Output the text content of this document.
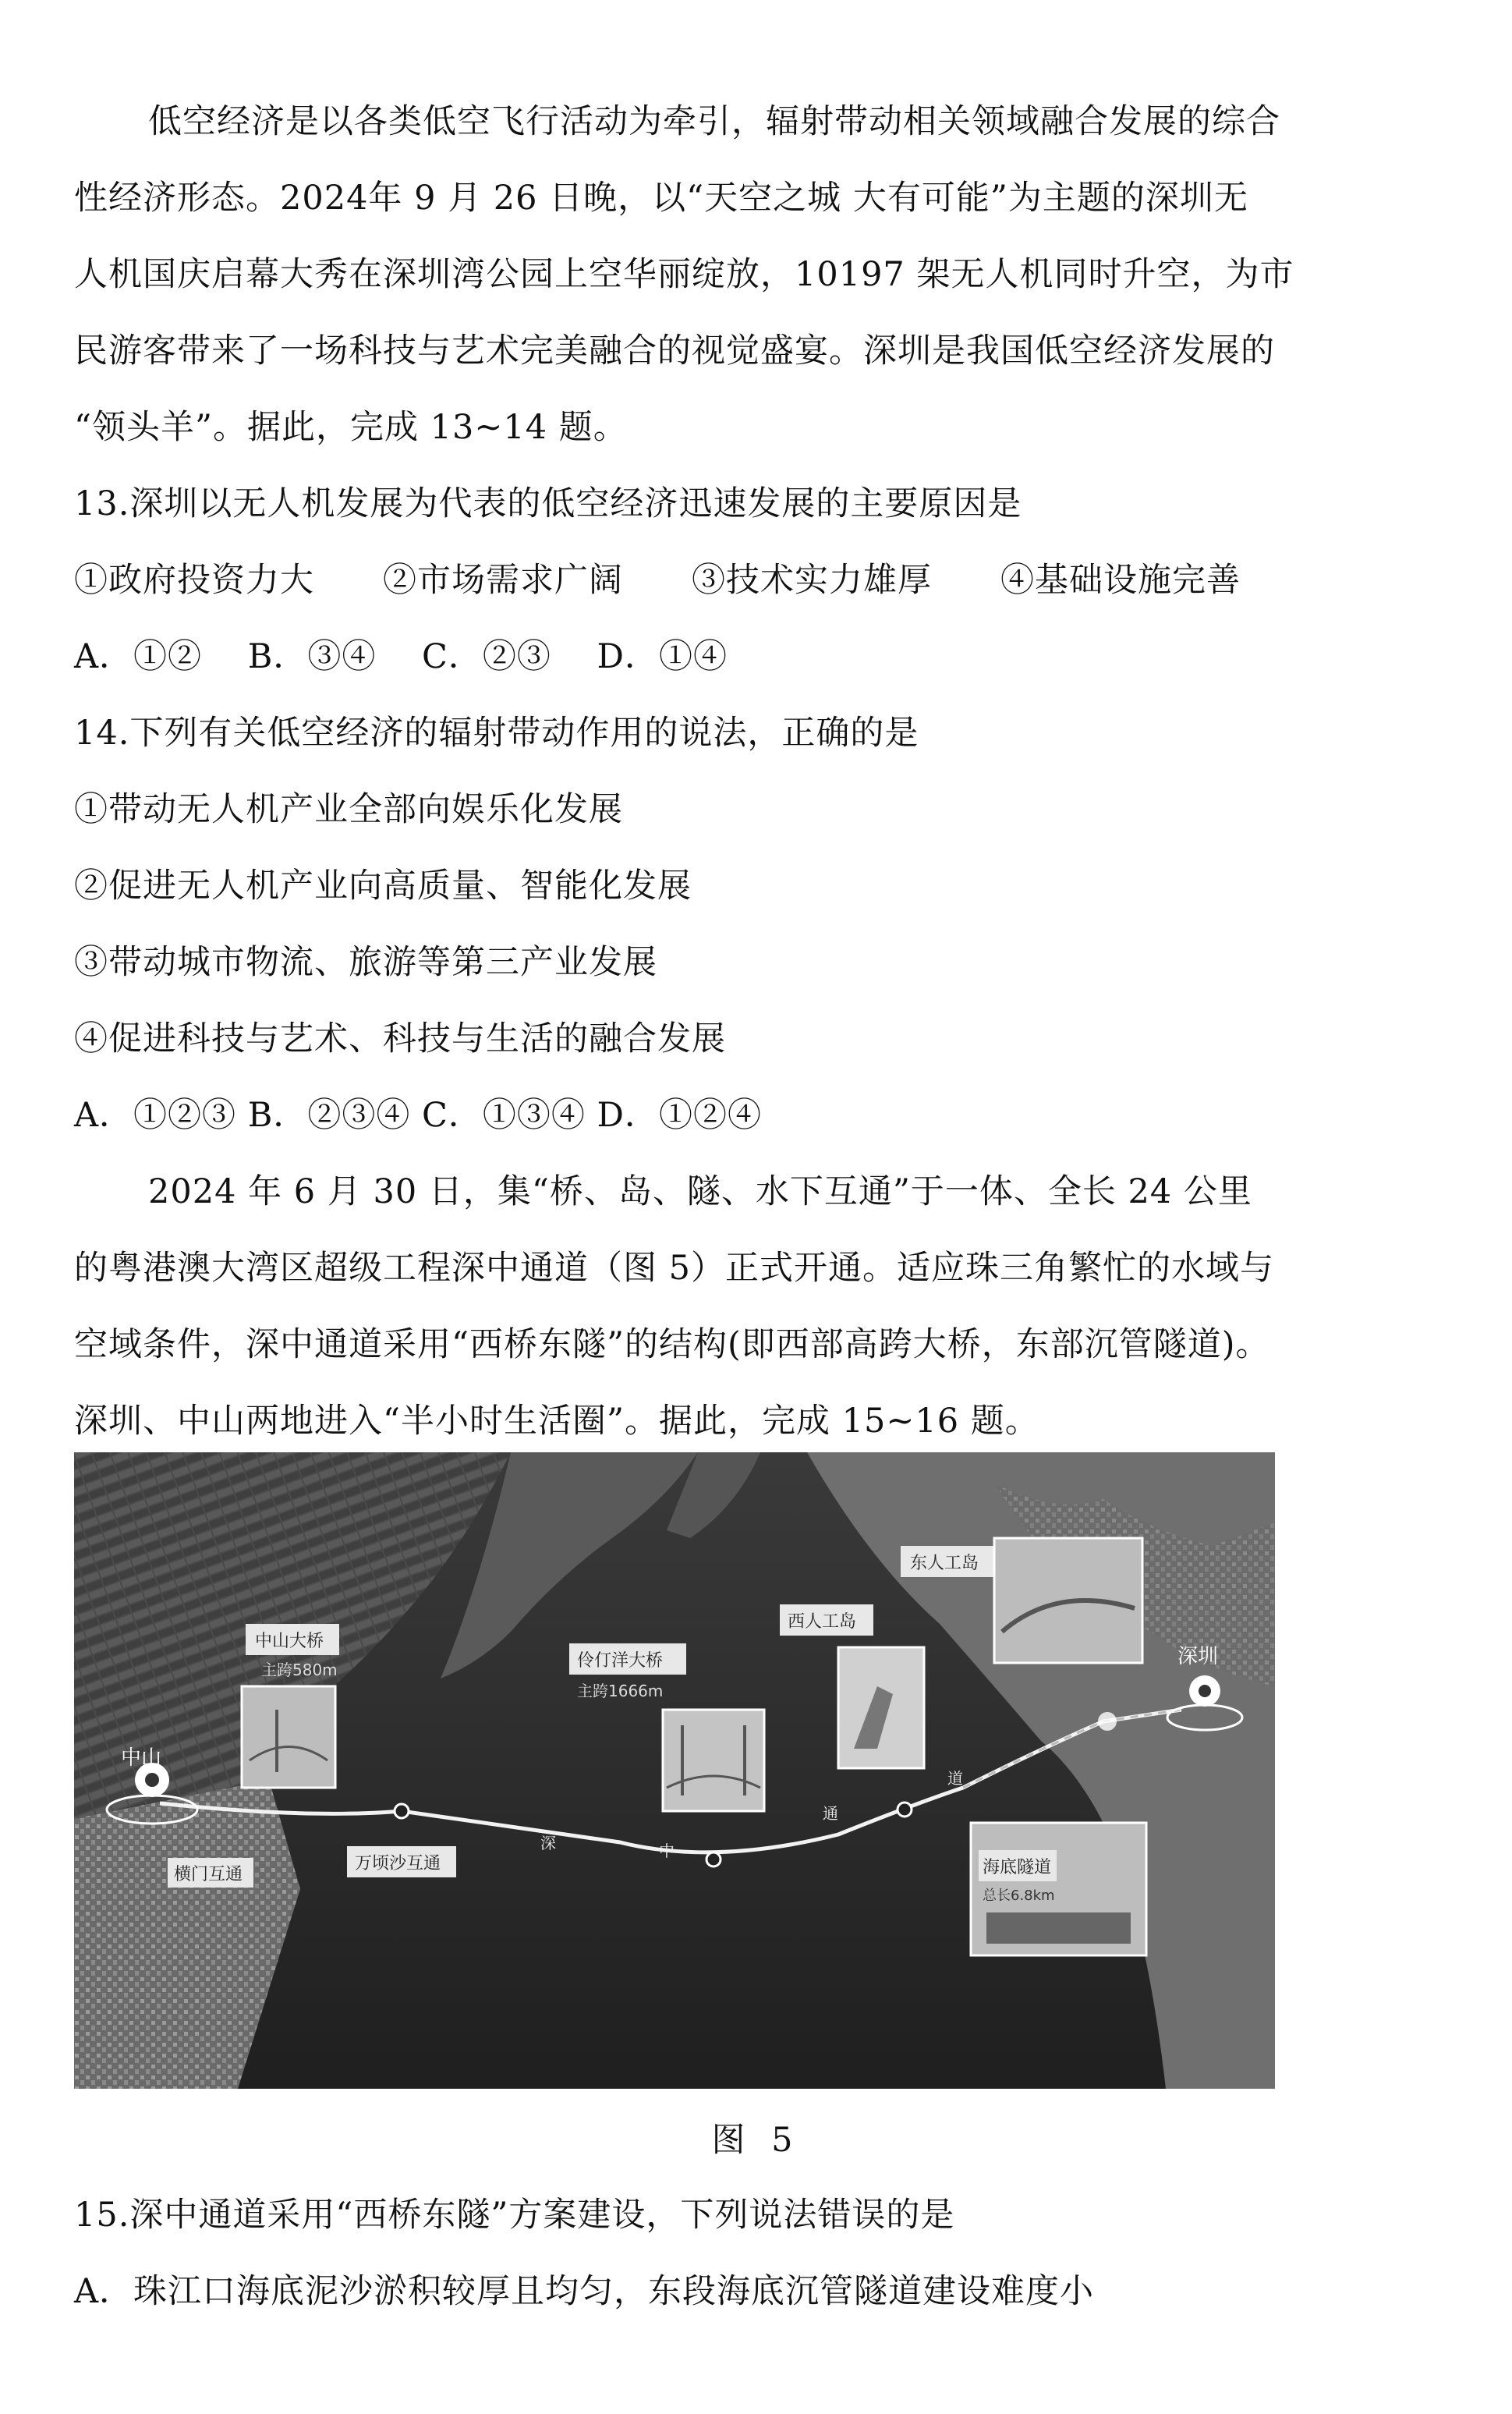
低空经济是以各类低空飞行活动为牵引，辐射带动相关领域融合发展的综合
性经济形态。2024年 9 月 26 日晚，以“天空之城 大有可能”为主题的深圳无
人机国庆启幕大秀在深圳湾公园上空华丽绽放，10197 架无人机同时升空，为市
民游客带来了一场科技与艺术完美融合的视觉盛宴。深圳是我国低空经济发展的
“领头羊”。据此，完成 13~14 题。
13.深圳以无人机发展为代表的低空经济迅速发展的主要原因是
①政府投资力大　　②市场需求广阔　　③技术实力雄厚　　④基础设施完善
A．①②　 B．③④　 C．②③　 D．①④
14.下列有关低空经济的辐射带动作用的说法，正确的是
①带动无人机产业全部向娱乐化发展
②促进无人机产业向高质量、智能化发展
③带动城市物流、旅游等第三产业发展
④促进科技与艺术、科技与生活的融合发展
A．①②③ B．②③④ C．①③④ D．①②④
2024 年 6 月 30 日，集“桥、岛、隧、水下互通”于一体、全长 24 公里
的粤港澳大湾区超级工程深中通道（图 5）正式开通。适应珠三角繁忙的水域与
空域条件，深中通道采用“西桥东隧”的结构(即西部高跨大桥，东部沉管隧道)。
深圳、中山两地进入“半小时生活圈”。据此，完成 15~16 题。
中山
深圳
中山大桥
主跨580m	伶仃洋大桥
主跨1666m
西人工岛
东人工岛
万顷沙互通
横门互通
深	中
通
道
海底隧道
总长6.8km
图 5
15.深中通道采用“西桥东隧”方案建设，下列说法错误的是
A．珠江口海底泥沙淤积较厚且均匀，东段海底沉管隧道建设难度小
